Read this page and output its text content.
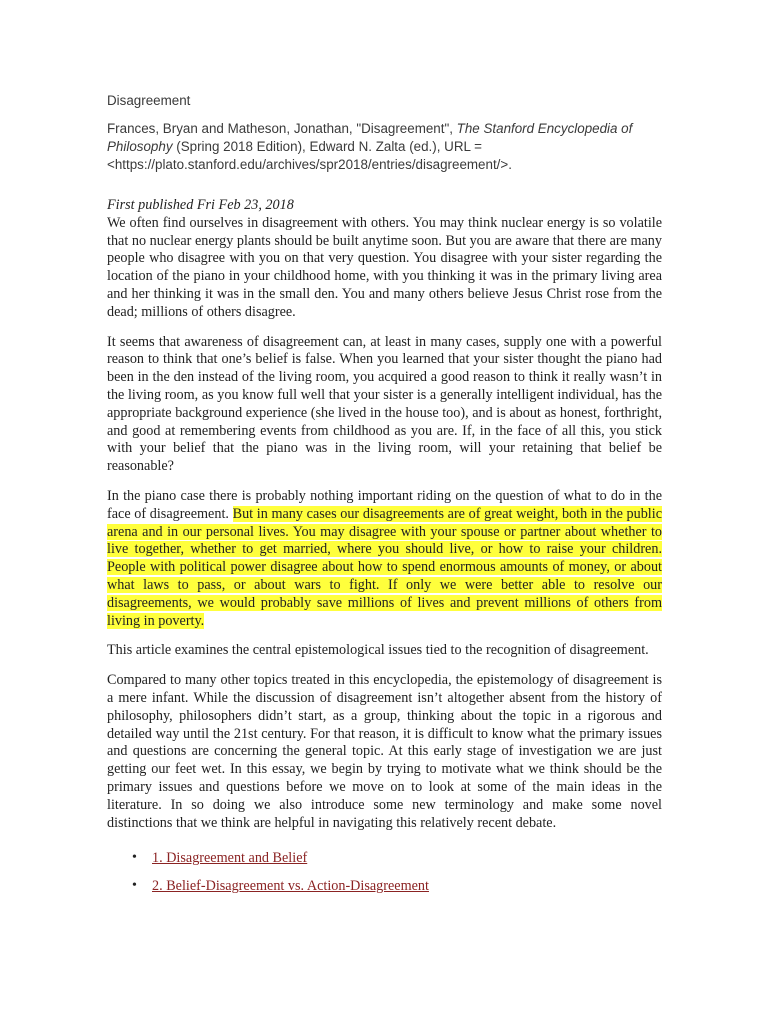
Disagreement

Frances, Bryan and Matheson, Jonathan, "Disagreement", The Stanford Encyclopedia of Philosophy (Spring 2018 Edition), Edward N. Zalta (ed.), URL =
<https://plato.stanford.edu/archives/spr2018/entries/disagreement/>.

First published Fri Feb 23, 2018

We often find ourselves in disagreement with others. You may think nuclear energy is so volatile that no nuclear energy plants should be built anytime soon. But you are aware that there are many people who disagree with you on that very question. You disagree with your sister regarding the location of the piano in your childhood home, with you thinking it was in the primary living area and her thinking it was in the small den. You and many others believe Jesus Christ rose from the dead; millions of others disagree.

It seems that awareness of disagreement can, at least in many cases, supply one with a powerful reason to think that one’s belief is false. When you learned that your sister thought the piano had been in the den instead of the living room, you acquired a good reason to think it really wasn’t in the living room, as you know full well that your sister is a generally intelligent individual, has the appropriate background experience (she lived in the house too), and is about as honest, forthright, and good at remembering events from childhood as you are. If, in the face of all this, you stick with your belief that the piano was in the living room, will your retaining that belief be reasonable?

In the piano case there is probably nothing important riding on the question of what to do in the face of disagreement. But in many cases our disagreements are of great weight, both in the public arena and in our personal lives. You may disagree with your spouse or partner about whether to live together, whether to get married, where you should live, or how to raise your children. People with political power disagree about how to spend enormous amounts of money, or about what laws to pass, or about wars to fight. If only we were better able to resolve our disagreements, we would probably save millions of lives and prevent millions of others from living in poverty.

This article examines the central epistemological issues tied to the recognition of disagreement.

Compared to many other topics treated in this encyclopedia, the epistemology of disagreement is a mere infant. While the discussion of disagreement isn’t altogether absent from the history of philosophy, philosophers didn’t start, as a group, thinking about the topic in a rigorous and detailed way until the 21st century. For that reason, it is difficult to know what the primary issues and questions are concerning the general topic. At this early stage of investigation we are just getting our feet wet. In this essay, we begin by trying to motivate what we think should be the primary issues and questions before we move on to look at some of the main ideas in the literature. In so doing we also introduce some new terminology and make some novel distinctions that we think are helpful in navigating this relatively recent debate.

• 1. Disagreement and Belief
• 2. Belief-Disagreement vs. Action-Disagreement
